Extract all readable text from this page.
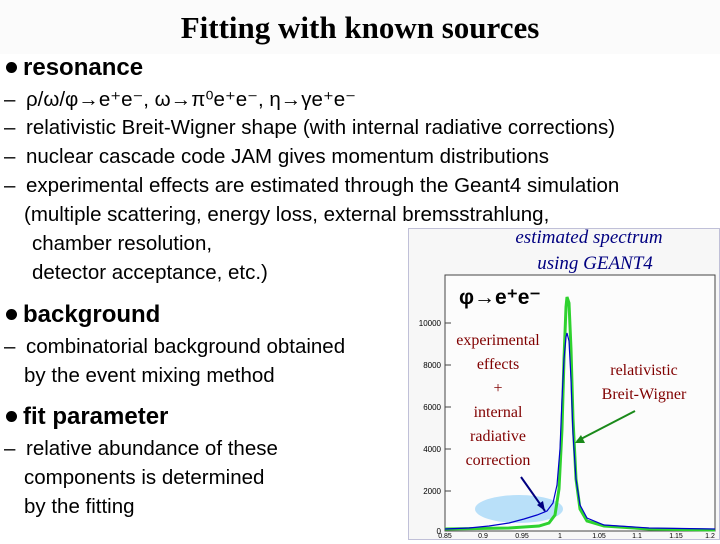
Fitting with known sources
resonance
– ρ/ω/φ→e⁺e⁻, ω→π⁰e⁺e⁻, η→γe⁺e⁻
– relativistic Breit-Wigner shape (with internal radiative corrections)
– nuclear cascade code JAM gives momentum distributions
– experimental effects are estimated through the Geant4 simulation
(multiple scattering, energy loss, external bremsstrahlung,
chamber resolution,
detector acceptance, etc.)
background
– combinatorial background obtained
by the event mixing method
fit parameter
– relative abundance of these
components is determined
by the fitting
10000
8000
6000
4000
2000
0
0.85	0.9	0.95	1	1.05	1.1	1.15	1.2
estimated spectrum
using GEANT4
φ→e⁺e⁻
experimental
effects
+
internal
radiative
correction
relativistic
Breit-Wigner
